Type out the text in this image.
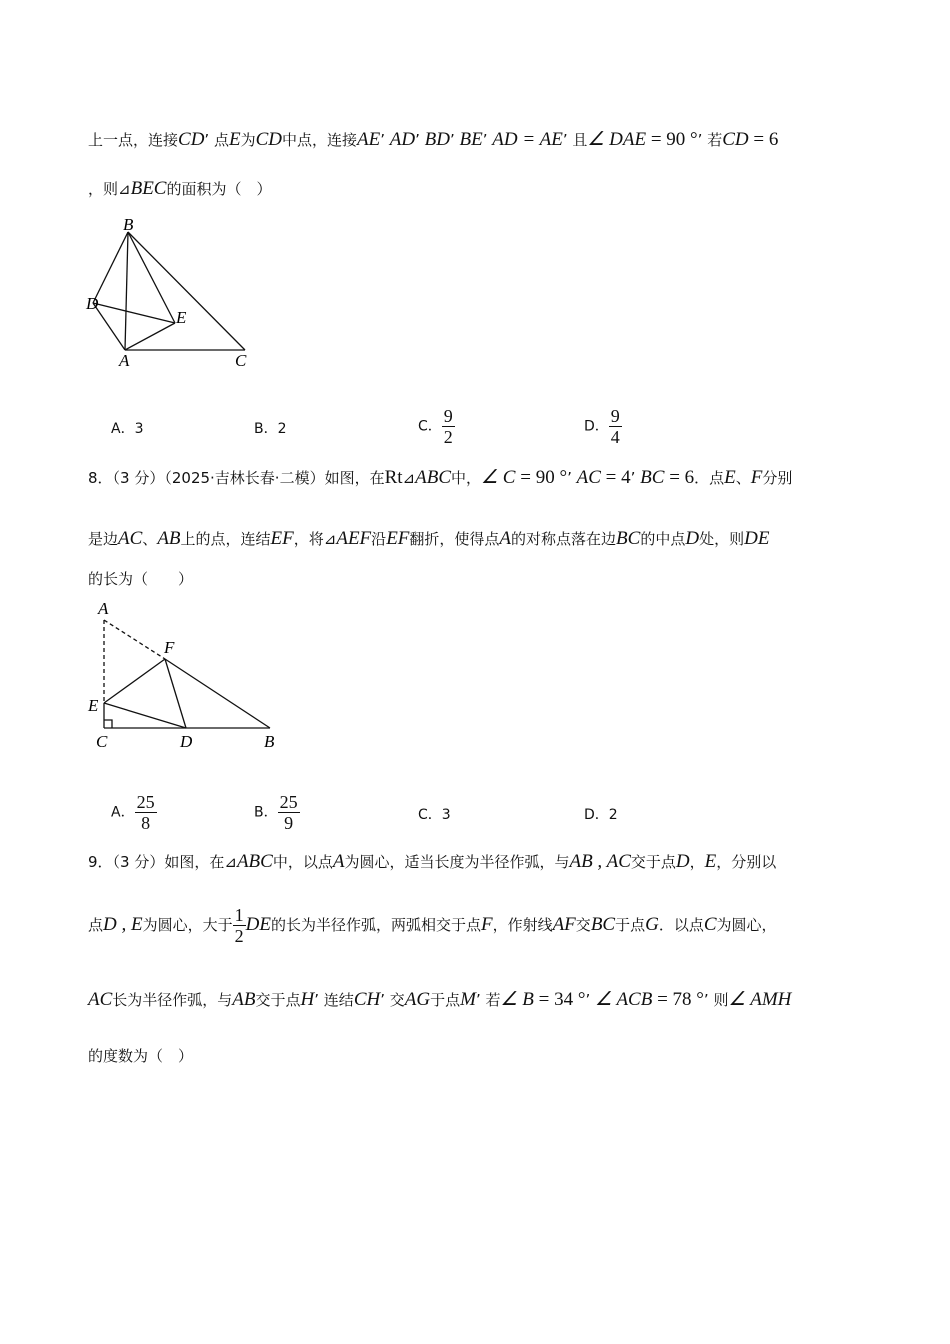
上一点，连接CD’ 点E为CD中点，连接AE’ AD’ BD’ BE’ AD = AE’ 且∠ DAE = 90 °’ 若CD = 6
，则⊿BEC的面积为（　）
B
D
E
A	C
A
F
E
C	D	B
A．3	B．2	C． $\frac{9}{2}$	D． $\frac{9}{4}$
8．（3 分）（2025·吉林长春·二模）如图，在Rt⊿ABC中，∠ C = 90 °’ AC = 4’ BC = 6．点E、F分别
是边AC、AB上的点，连结EF，将⊿AEF沿EF翻折，使得点A的对称点落在边BC的中点D处，则DE
的长为（　　）
A． $\frac{25}{8}$	B． $\frac{25}{9}$	C．3	D．2
9．（3 分）如图，在⊿ABC中，以点A为圆心，适当长度为半径作弧，与AB , AC交于点D，E，分别以
点D , E为圆心，大于 $\frac{1}{2}$ DE的长为半径作弧，两弧相交于点F，作射线AF交BC于点G．以点C为圆心，
AC长为半径作弧，与AB交于点H’ 连结CH’ 交AG于点M’ 若∠ B = 34 °’ ∠ ACB = 78 °’ 则∠ AMH
的度数为（　）
